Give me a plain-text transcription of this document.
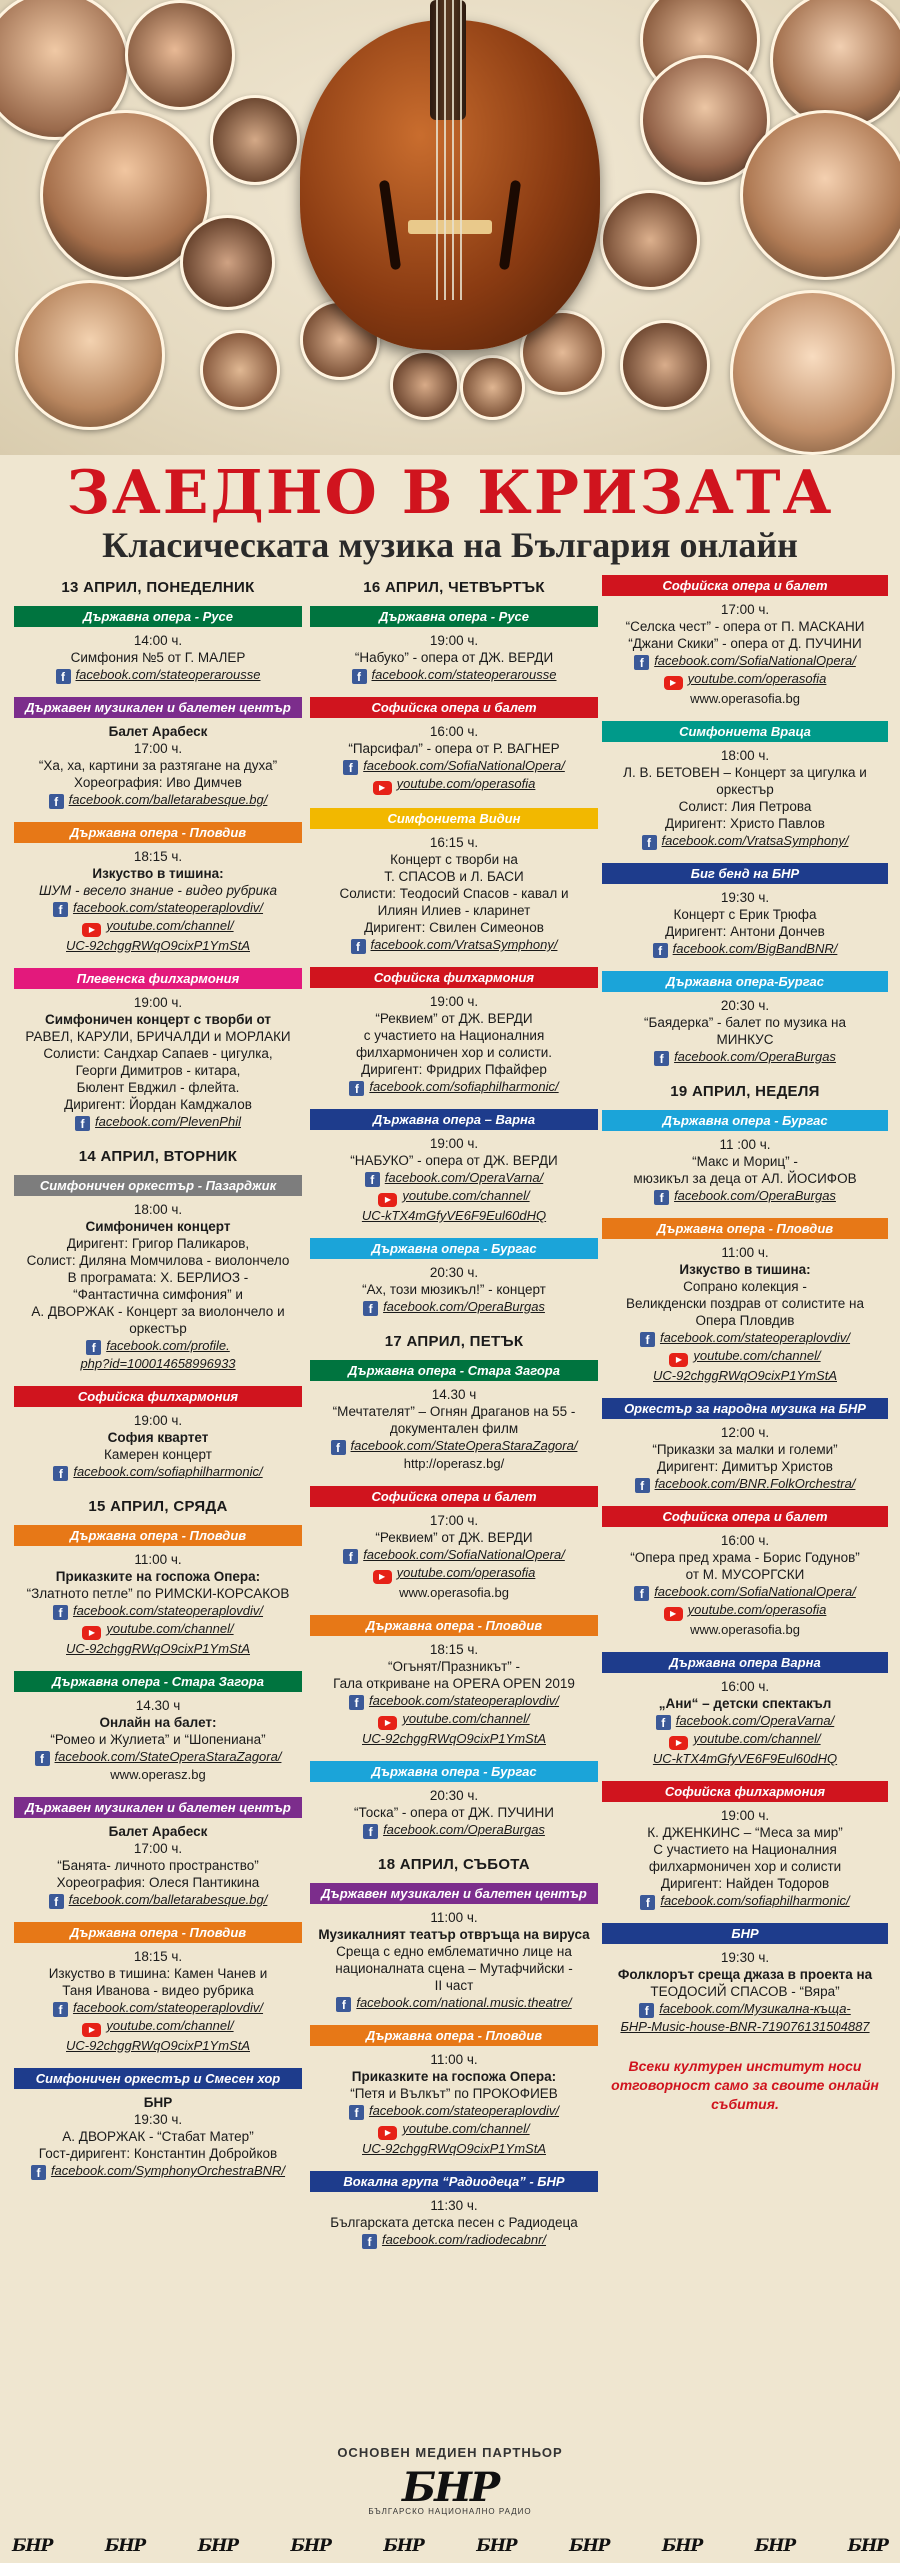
ЗАЕДНО В КРИЗАТА
Класическата музика на България онлайн
13 АПРИЛ, ПОНЕДЕЛНИК
Държавна опера - Русе
14:00 ч.
Симфония №5 от Г. МАЛЕР
f facebook.com/stateoperarousse
Държавен музикален и балетен център
Балет Арабеск
17:00 ч.
“Ха, ха, картини за разтягане на духа”
Хореография: Иво Димчев
f facebook.com/balletarabesque.bg/
Държавна опера - Пловдив
18:15 ч.
Изкуство в тишина:
ШУМ - весело знание - видео рубрика
f facebook.com/stateoperaplovdiv/
▶ youtube.com/channel/
UC-92chggRWqO9cixP1YmStA
Плевенска филхармония
19:00 ч.
Симфоничен концерт с творби от
РАВЕЛ, КАРУЛИ, БРИЧАЛДИ и МОРЛАКИ
Солисти: Сандхар Сапаев - цигулка,
Георги Димитров - китара,
Бюлент Евджил - флейта.
Диригент: Йордан Камджалов
f facebook.com/PlevenPhil
14 АПРИЛ, ВТОРНИК
Симфоничен оркестър - Пазарджик
18:00 ч.
Симфоничен концерт
Диригент: Григор Паликаров,
Солист: Диляна Момчилова - виолончело
В програмата: Х. БЕРЛИОЗ -
“Фантастична симфония” и
А. ДВОРЖАК - Концерт за виолончело и оркестър
f facebook.com/profile.
php?id=100014658996933
Софийска филхармония
19:00 ч.
София квартет
Камерен концерт
f facebook.com/sofiaphilharmonic/
15 АПРИЛ, СРЯДА
Държавна опера - Пловдив
11:00 ч.
Приказките на госпожа Опера:
“Златното петле” по РИМСКИ-КОРСАКОВ
f facebook.com/stateoperaplovdiv/
▶ youtube.com/channel/
UC-92chggRWqO9cixP1YmStA
Държавна опера - Стара Загора
14.30 ч
Онлайн на балет:
“Ромео и Жулиета” и “Шопениана”
f facebook.com/StateOperaStaraZagora/
www.operasz.bg
Държавен музикален и балетен център
Балет Арабеск
17:00 ч.
“Банята- личното пространство”
Хореография: Олеся Пантикина
f facebook.com/balletarabesque.bg/
Държавна опера - Пловдив
18:15 ч.
Изкуство в тишина: Камен Чанев и
Таня Иванова - видео рубрика
f facebook.com/stateoperaplovdiv/
▶ youtube.com/channel/
UC-92chggRWqO9cixP1YmStA
Симфоничен оркестър и Смесен хор
БНР
19:30 ч.
А. ДВОРЖАК - “Стабат Матер”
Гост-диригент: Константин Добройков
f facebook.com/SymphonyOrchestraBNR/
16 АПРИЛ, ЧЕТВЪРТЪК
Държавна опера - Русе
19:00 ч.
“Набуко” - опера от ДЖ. ВЕРДИ
f facebook.com/stateoperarousse
Софийска опера и балет
16:00 ч.
“Парсифал” - опера от Р. ВАГНЕР
f facebook.com/SofiaNationalOpera/
▶ youtube.com/operasofia
Симфониета Видин
16:15 ч.
Концерт с творби на
Т. СПАСОВ и Л. БАСИ
Солисти: Теодосий Спасов - кавал и
Илиян Илиев - кларинет
Диригент: Свилен Симеонов
f facebook.com/VratsaSymphony/
Софийска филхармония
19:00 ч.
“Реквием” от ДЖ. ВЕРДИ
с участието на Националния
филхармоничен хор и солисти.
Диригент: Фридрих Пфайфер
f facebook.com/sofiaphilharmonic/
Държавна опера – Варна
19:00 ч.
“НАБУКО” - опера от ДЖ. ВЕРДИ
f facebook.com/OperaVarna/
▶ youtube.com/channel/
UC-kTX4mGfyVE6F9Eul60dHQ
Държавна опера - Бургас
20:30 ч.
“Ах, този мюзикъл!” - концерт
f facebook.com/OperaBurgas
17 АПРИЛ, ПЕТЪК
Държавна опера - Стара Загора
14.30 ч
“Мечтателят” – Огнян Драганов на 55 -
документален филм
f facebook.com/StateOperaStaraZagora/
http://operasz.bg/
Софийска опера и балет
17:00 ч.
“Реквием” от ДЖ. ВЕРДИ
f facebook.com/SofiaNationalOpera/
▶ youtube.com/operasofia
www.operasofia.bg
Държавна опера - Пловдив
18:15 ч.
“Огънят/Празникът” -
Гала откриване на OPERA OPEN 2019
f facebook.com/stateoperaplovdiv/
▶ youtube.com/channel/
UC-92chggRWqO9cixP1YmStA
Държавна опера - Бургас
20:30 ч.
“Тоска” - опера от ДЖ. ПУЧИНИ
f facebook.com/OperaBurgas
18 АПРИЛ, СЪБОТА
Държавен музикален и балетен център
11:00 ч.
Музикалният театър отвръща на вируса
Среща с едно емблематично лице на
националната сцена – Мутафчийски -
II част
f facebook.com/national.music.theatre/
Държавна опера - Пловдив
11:00 ч.
Приказките на госпожа Опера:
“Петя и Вълкът” по ПРОКОФИЕВ
f facebook.com/stateoperaplovdiv/
▶ youtube.com/channel/
UC-92chggRWqO9cixP1YmStA
Вокална група “Радиодеца” - БНР
11:30 ч.
Българската детска песен с Радиодеца
f facebook.com/radiodecabnr/
Софийска опера и балет
17:00 ч.
“Селска чест” - опера от П. МАСКАНИ
“Джани Скики” - опера от Д. ПУЧИНИ
f facebook.com/SofiaNationalOpera/
▶ youtube.com/operasofia
www.operasofia.bg
Симфониета Враца
18:00 ч.
Л. В. БЕТОВЕН – Концерт за цигулка и
оркестър
Солист: Лия Петрова
Диригент: Христо Павлов
f facebook.com/VratsaSymphony/
Биг бенд на БНР
19:30 ч.
Концерт с Ерик Трюфа
Диригент: Антони Дончев
f facebook.com/BigBandBNR/
Държавна опера-Бургас
20:30 ч.
“Баядерка” - балет по музика на
МИНКУС
f facebook.com/OperaBurgas
19 АПРИЛ, НЕДЕЛЯ
Държавна опера - Бургас
11 :00 ч.
“Макс и Мориц” -
мюзикъл за деца от АЛ. ЙОСИФОВ
f facebook.com/OperaBurgas
Държавна опера - Пловдив
11:00 ч.
Изкуство в тишина:
Сопрано колекция -
Великденски поздрав от солистите на
Опера Пловдив
f facebook.com/stateoperaplovdiv/
▶ youtube.com/channel/
UC-92chggRWqO9cixP1YmStA
Оркестър за народна музика на БНР
12:00 ч.
“Приказки за малки и големи”
Диригент: Димитър Христов
f facebook.com/BNR.FolkOrchestra/
Софийска опера и балет
16:00 ч.
“Опера пред храма - Борис Годунов”
от М. МУСОРГСКИ
f facebook.com/SofiaNationalOpera/
▶ youtube.com/operasofia
www.operasofia.bg
Държавна опера Варна
16:00 ч.
„Ани“ – детски спектакъл
f facebook.com/OperaVarna/
▶ youtube.com/channel/
UC-kTX4mGfyVE6F9Eul60dHQ
Софийска филхармония
19:00 ч.
К. ДЖЕНКИНС – “Меса за мир”
С участието на Националния
филхармоничен хор и солисти
Диригент: Найден Тодоров
f facebook.com/sofiaphilharmonic/
БНР
19:30 ч.
Фолклорът среща джаза в проекта на
ТЕОДОСИЙ СПАСОВ - “Вяра”
f facebook.com/Музикална-къща-
БНР-Music-house-BNR-719076131504887
Всеки културен институт носи отговорност само за своите онлайн събития.
ОСНОВЕН МЕДИЕН ПАРТНЬОР
БНР
БЪЛГАРСКО НАЦИОНАЛНО РАДИО
БНР	БНР	БНР	БНР	БНР	БНР	БНР	БНР	БНР	БНР
